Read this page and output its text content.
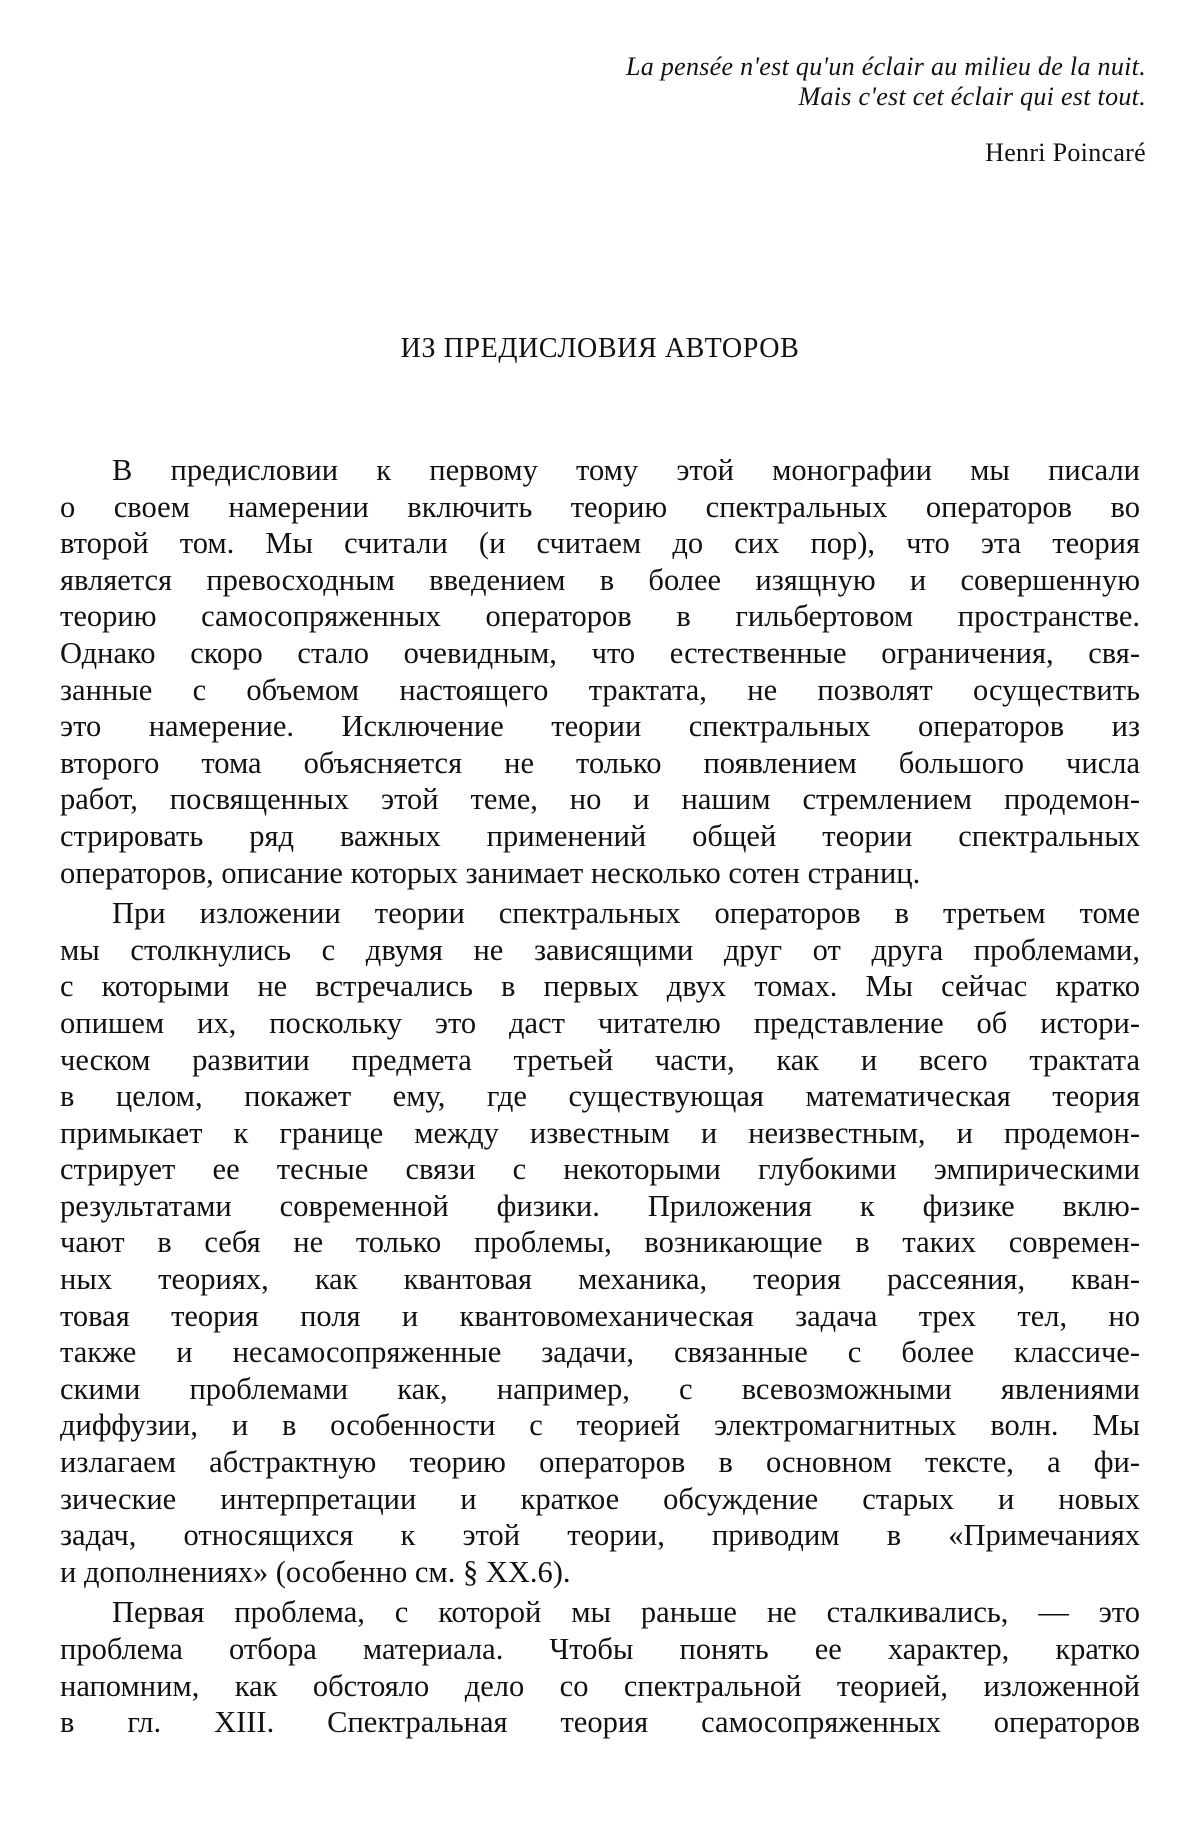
La pensée n'est qu'un éclair au milieu de la nuit.
Mais c'est cet éclair qui est tout.
Henri Poincaré
ИЗ ПРЕДИСЛОВИЯ АВТОРОВ
В предисловии к первому тому этой монографии мы писали
о своем намерении включить теорию спектральных операторов во
второй том. Мы считали (и считаем до сих пор), что эта теория
является превосходным введением в более изящную и совершенную
теорию самосопряженных операторов в гильбертовом пространстве.
Однако скоро стало очевидным, что естественные ограничения, свя-
занные с объемом настоящего трактата, не позволят осуществить
это намерение. Исключение теории спектральных операторов из
второго тома объясняется не только появлением большого числа
работ, посвященных этой теме, но и нашим стремлением продемон-
стрировать ряд важных применений общей теории спектральных
операторов, описание которых занимает несколько сотен страниц.
При изложении теории спектральных операторов в третьем томе
мы столкнулись с двумя не зависящими друг от друга проблемами,
с которыми не встречались в первых двух томах. Мы сейчас кратко
опишем их, поскольку это даст читателю представление об истори-
ческом развитии предмета третьей части, как и всего трактата
в целом, покажет ему, где существующая математическая теория
примыкает к границе между известным и неизвестным, и продемон-
стрирует ее тесные связи с некоторыми глубокими эмпирическими
результатами современной физики. Приложения к физике вклю-
чают в себя не только проблемы, возникающие в таких современ-
ных теориях, как квантовая механика, теория рассеяния, кван-
товая теория поля и квантовомеханическая задача трех тел, но
также и несамосопряженные задачи, связанные с более классиче-
скими проблемами как, например, с всевозможными явлениями
диффузии, и в особенности с теорией электромагнитных волн. Мы
излагаем абстрактную теорию операторов в основном тексте, а фи-
зические интерпретации и краткое обсуждение старых и новых
задач, относящихся к этой теории, приводим в «Примечаниях
и дополнениях» (особенно см. § XX.6).
Первая проблема, с которой мы раньше не сталкивались, — это
проблема отбора материала. Чтобы понять ее характер, кратко
напомним, как обстояло дело со спектральной теорией, изложенной
в гл. XIII. Спектральная теория самосопряженных операторов
